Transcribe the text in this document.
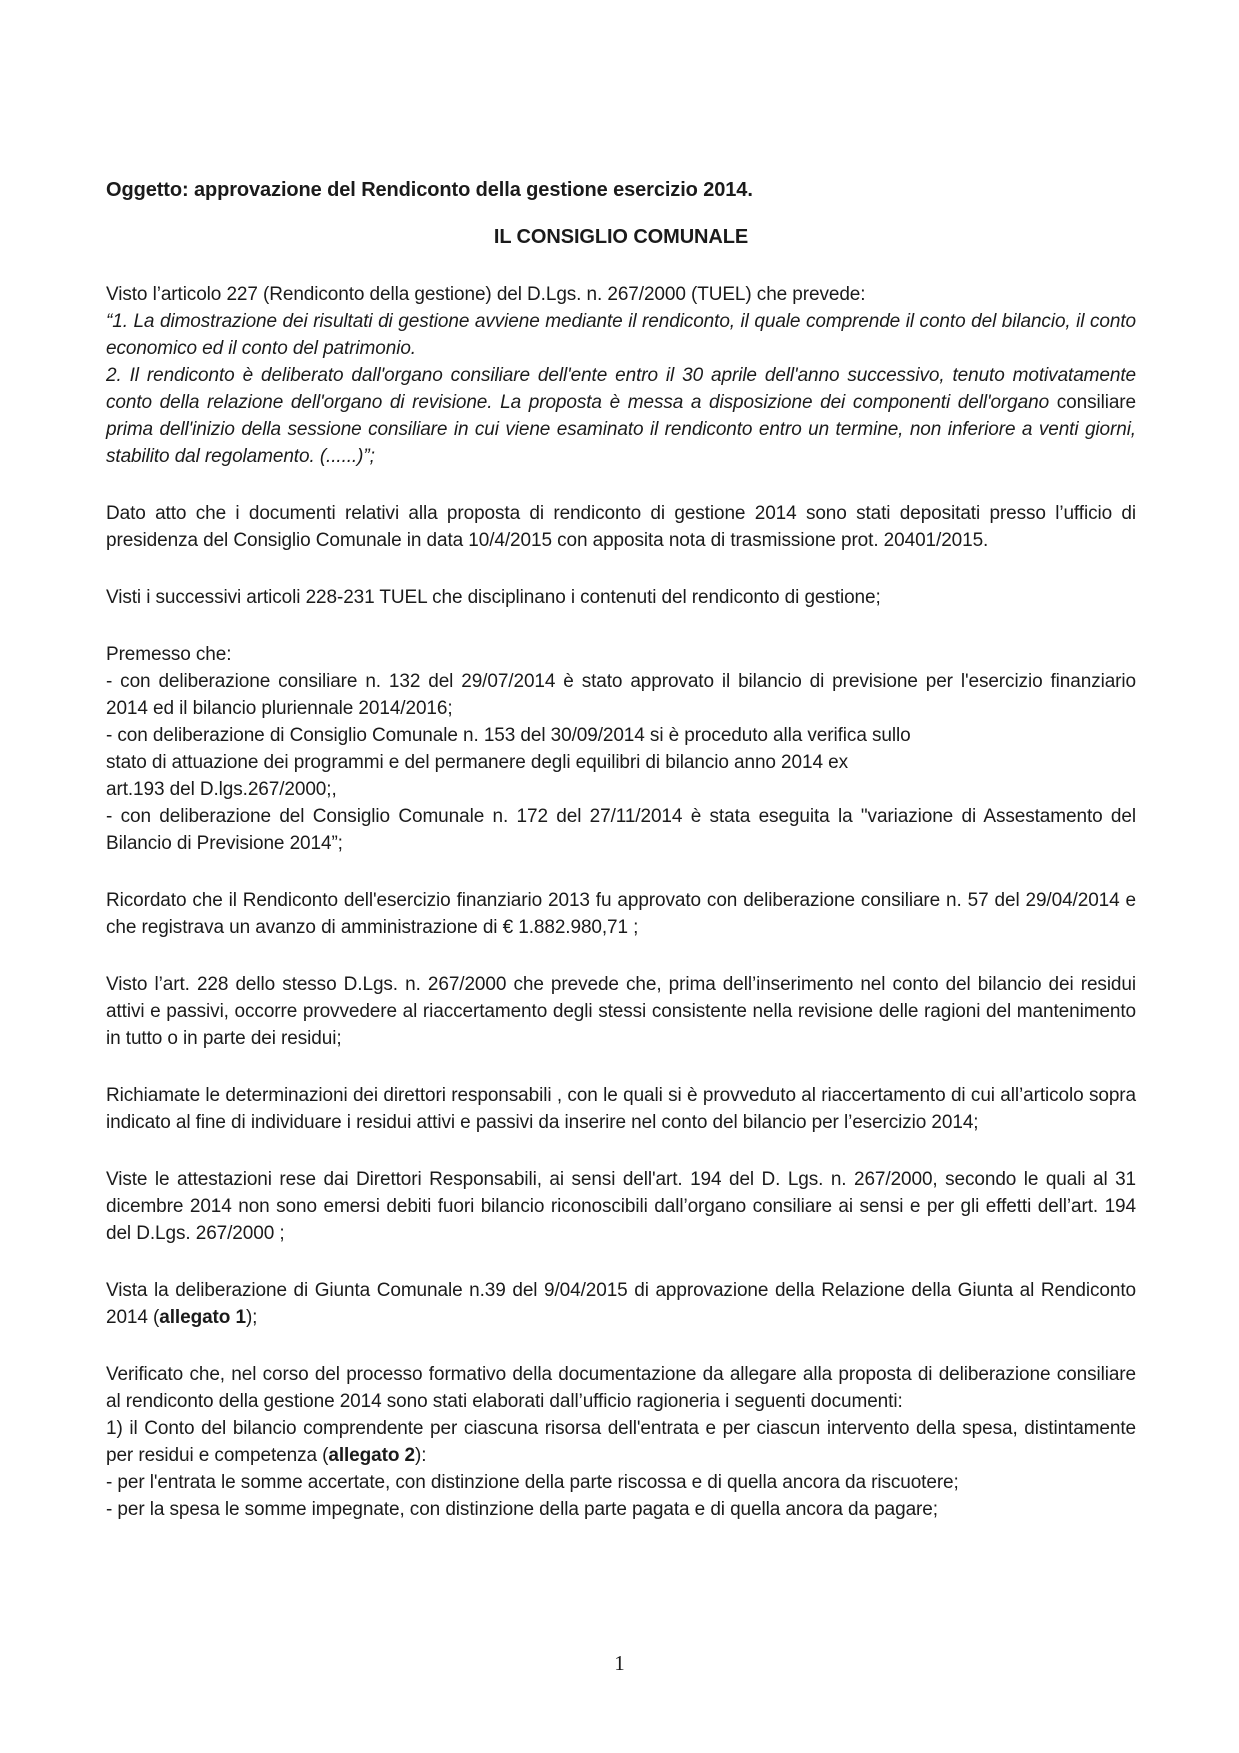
Oggetto: approvazione del Rendiconto della gestione esercizio 2014.

IL CONSIGLIO COMUNALE

Visto l’articolo 227 (Rendiconto della gestione) del D.Lgs. n. 267/2000 (TUEL) che prevede:
“1. La dimostrazione dei risultati di gestione avviene mediante il rendiconto, il quale comprende il conto del bilancio, il conto economico ed il conto del patrimonio.
2. Il rendiconto è deliberato dall'organo consiliare dell'ente entro il 30 aprile dell'anno successivo, tenuto motivatamente conto della relazione dell'organo di revisione. La proposta è messa a disposizione dei componenti dell'organo consiliare prima dell'inizio della sessione consiliare in cui viene esaminato il rendiconto entro un termine, non inferiore a venti giorni, stabilito dal regolamento. (......)”;
Dato atto che i documenti relativi alla proposta di rendiconto di gestione 2014 sono stati depositati presso l’ufficio di presidenza del Consiglio Comunale in data 10/4/2015 con apposita nota di trasmissione prot. 20401/2015.
Visti i successivi articoli 228-231 TUEL che disciplinano i contenuti del rendiconto di gestione;
Premesso che:
- con deliberazione consiliare n. 132 del 29/07/2014 è stato approvato il bilancio di previsione per l'esercizio finanziario 2014 ed il bilancio pluriennale 2014/2016;
- con deliberazione di Consiglio Comunale n. 153 del 30/09/2014 si è proceduto alla verifica sullo
stato di attuazione dei programmi e del permanere degli equilibri di bilancio anno 2014 ex
art.193 del D.lgs.267/2000;,
- con deliberazione del Consiglio Comunale n. 172 del 27/11/2014 è stata eseguita la "variazione di Assestamento del Bilancio di Previsione 2014”;
Ricordato che il Rendiconto dell'esercizio finanziario 2013 fu approvato con deliberazione consiliare n. 57 del 29/04/2014 e che registrava un avanzo di amministrazione di € 1.882.980,71 ;
Visto l’art. 228 dello stesso D.Lgs. n. 267/2000 che prevede che, prima dell’inserimento nel conto del bilancio dei residui attivi e passivi, occorre provvedere al riaccertamento degli stessi consistente nella revisione delle ragioni del mantenimento in tutto o in parte dei residui;
Richiamate le determinazioni dei direttori responsabili , con le quali si è provveduto al riaccertamento di cui all’articolo sopra indicato al fine di individuare i residui attivi e passivi da inserire nel conto del bilancio per l’esercizio 2014;
Viste le attestazioni rese dai Direttori Responsabili, ai sensi dell'art. 194 del D. Lgs. n. 267/2000, secondo le quali al 31 dicembre 2014 non sono emersi debiti fuori bilancio riconoscibili dall’organo consiliare ai sensi e per gli effetti dell’art. 194 del D.Lgs. 267/2000 ;
Vista la deliberazione di Giunta Comunale n.39 del 9/04/2015 di approvazione della Relazione della Giunta al Rendiconto 2014 (allegato 1);
Verificato che, nel corso del processo formativo della documentazione da allegare alla proposta di deliberazione consiliare al rendiconto della gestione 2014 sono stati elaborati dall’ufficio ragioneria i seguenti documenti:
1) il Conto del bilancio comprendente per ciascuna risorsa dell'entrata e per ciascun intervento della spesa, distintamente per residui e competenza (allegato 2):
- per l'entrata le somme accertate, con distinzione della parte riscossa e di quella ancora da riscuotere;
- per la spesa le somme impegnate, con distinzione della parte pagata e di quella ancora da pagare;
1
